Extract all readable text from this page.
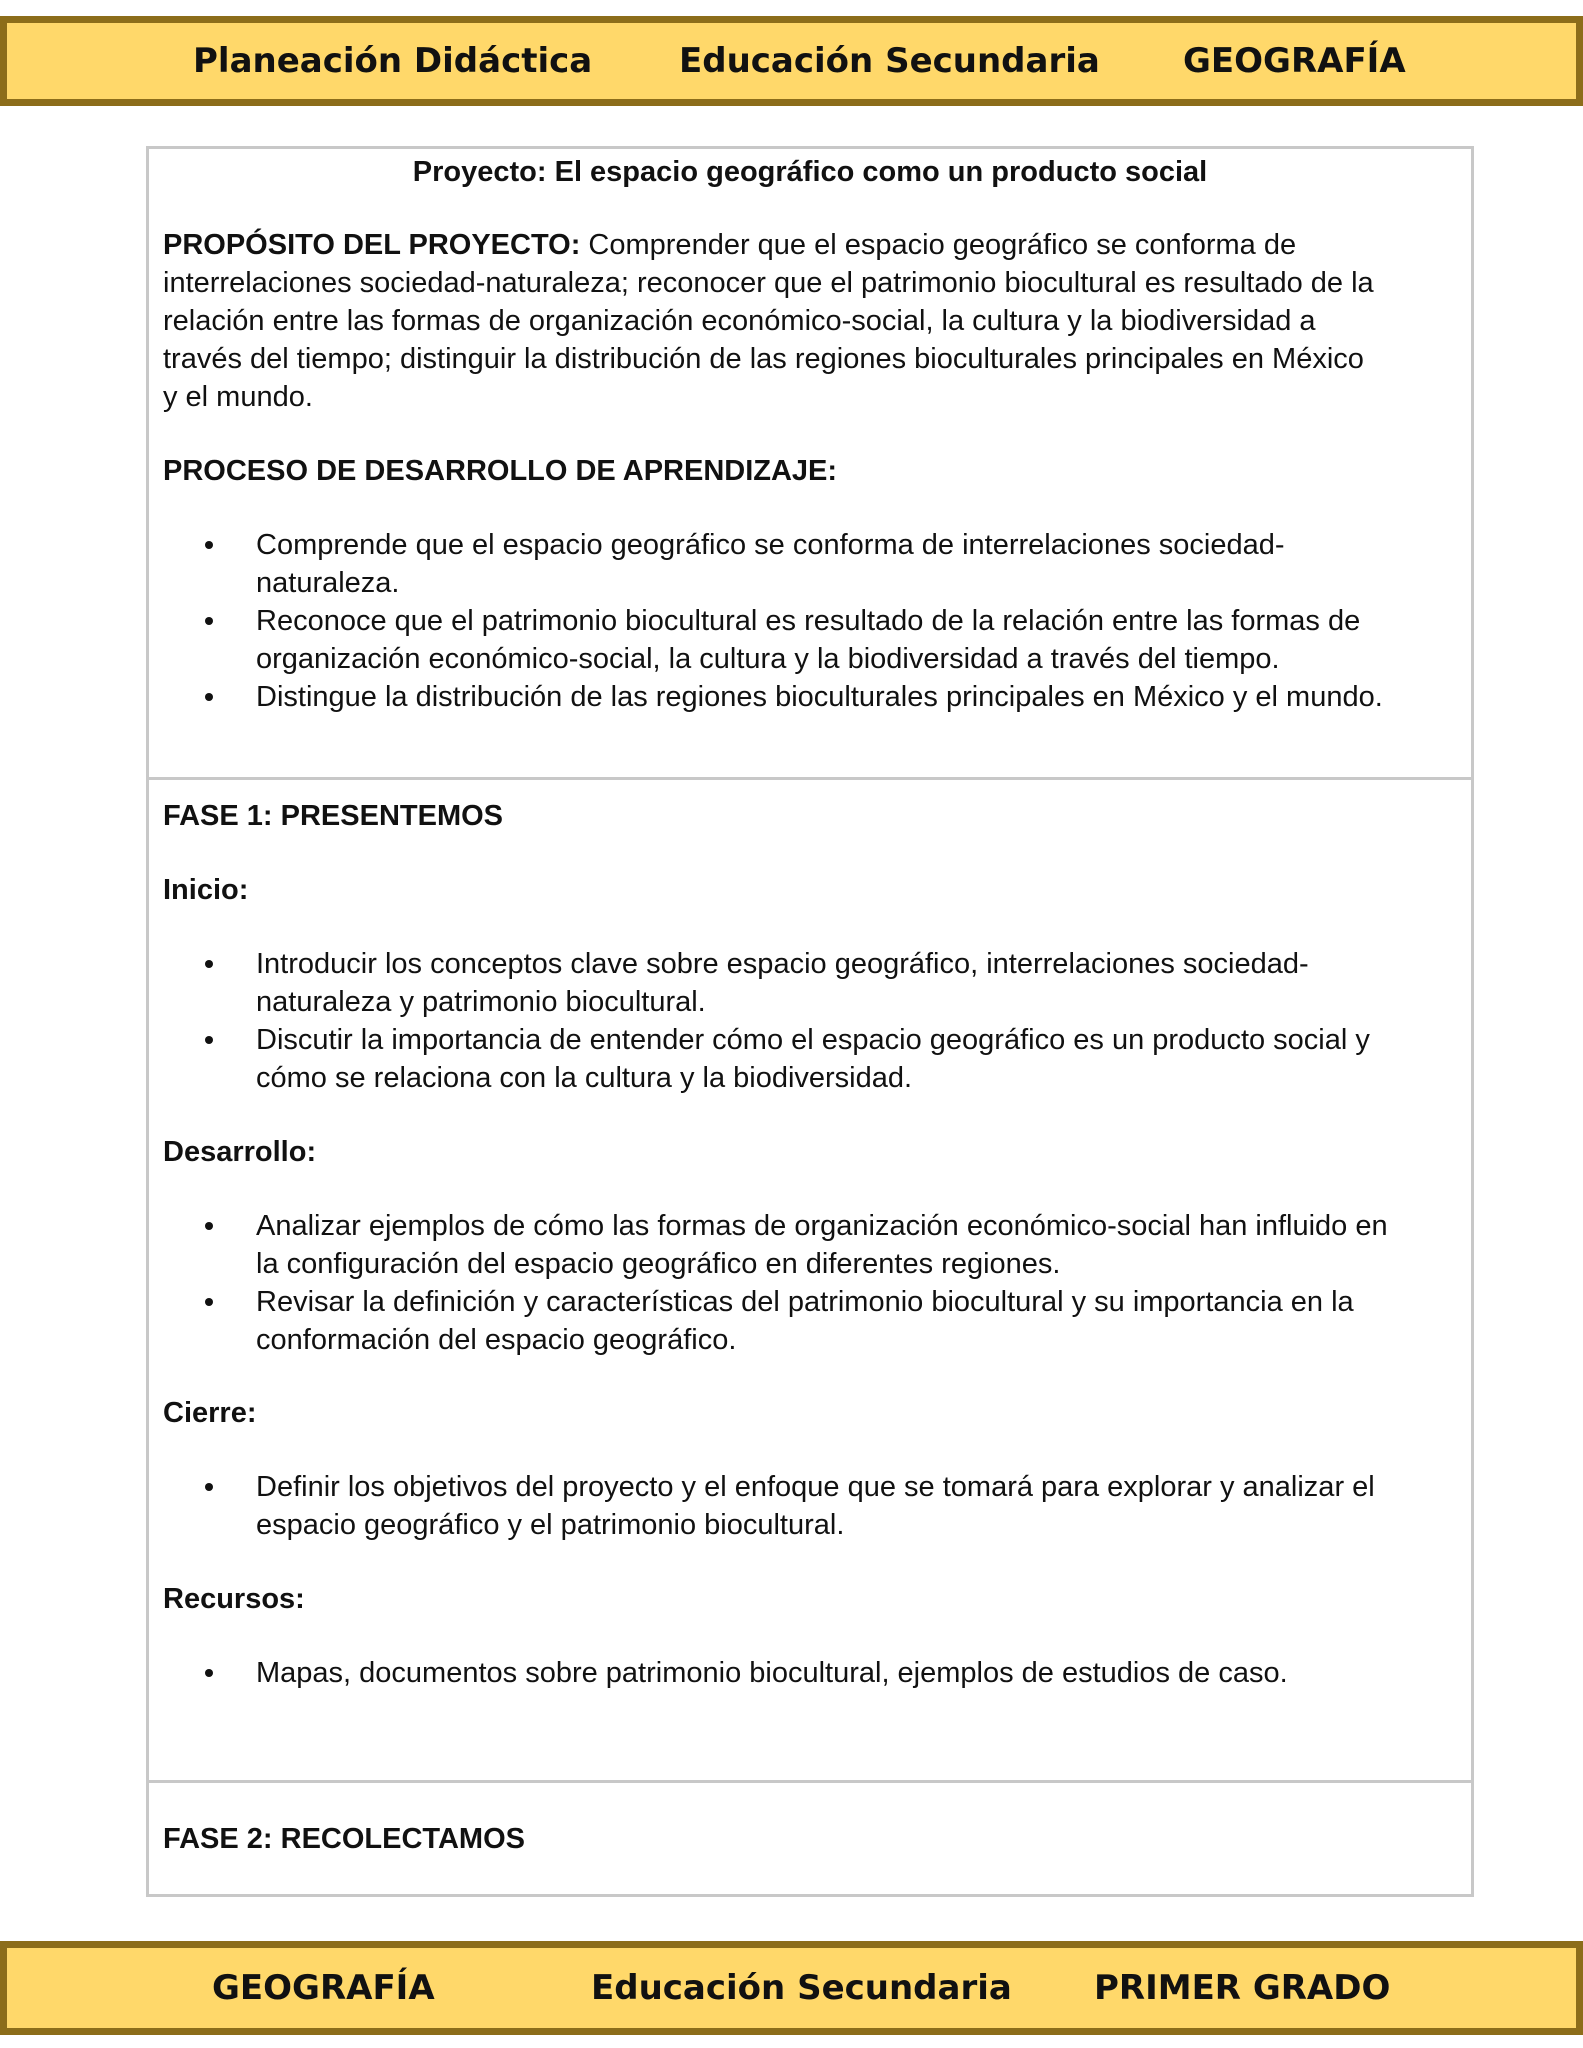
Planeación Didáctica	Educación Secundaria GEOGRAFÍA
Proyecto: El espacio geográfico como un producto social
PROPÓSITO DEL PROYECTO: Comprender que el espacio geográfico se conforma de
interrelaciones sociedad-naturaleza; reconocer que el patrimonio biocultural es resultado de la
relación entre las formas de organización económico-social, la cultura y la biodiversidad a
través del tiempo; distinguir la distribución de las regiones bioculturales principales en México
y el mundo.
PROCESO DE DESARROLLO DE APRENDIZAJE:
Comprende que el espacio geográfico se conforma de interrelaciones sociedad-
naturaleza.
Reconoce que el patrimonio biocultural es resultado de la relación entre las formas de
organización económico-social, la cultura y la biodiversidad a través del tiempo.
Distingue la distribución de las regiones bioculturales principales en México y el mundo.
FASE 1: PRESENTEMOS
Inicio:
Introducir los conceptos clave sobre espacio geográfico, interrelaciones sociedad-
naturaleza y patrimonio biocultural.
Discutir la importancia de entender cómo el espacio geográfico es un producto social y
cómo se relaciona con la cultura y la biodiversidad.
Desarrollo:
Analizar ejemplos de cómo las formas de organización económico-social han influido en
la configuración del espacio geográfico en diferentes regiones.
Revisar la definición y características del patrimonio biocultural y su importancia en la
conformación del espacio geográfico.
Cierre:
Definir los objetivos del proyecto y el enfoque que se tomará para explorar y analizar el
espacio geográfico y el patrimonio biocultural.
Recursos:
Mapas, documentos sobre patrimonio biocultural, ejemplos de estudios de caso.
FASE 2: RECOLECTAMOS
GEOGRAFÍA	Educación Secundaria PRIMER GRADO
